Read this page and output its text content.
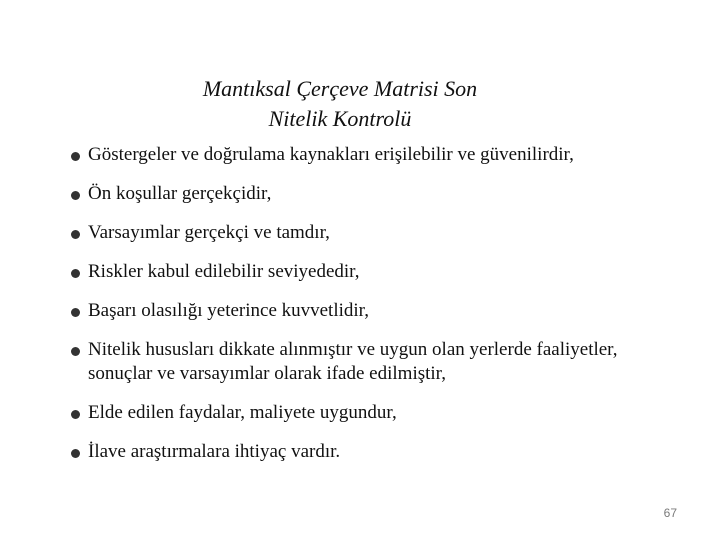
Mantıksal Çerçeve Matrisi Son
Nitelik Kontrolü
Göstergeler ve doğrulama kaynakları erişilebilir ve güvenilirdir,
Ön koşullar gerçekçidir,
Varsayımlar gerçekçi ve tamdır,
Riskler kabul edilebilir seviyededir,
Başarı olasılığı yeterince kuvvetlidir,
Nitelik hususları dikkate alınmıştır ve uygun olan yerlerde faaliyetler, sonuçlar ve varsayımlar olarak ifade edilmiştir,
Elde edilen faydalar, maliyete uygundur,
İlave araştırmalara ihtiyaç vardır.
67
